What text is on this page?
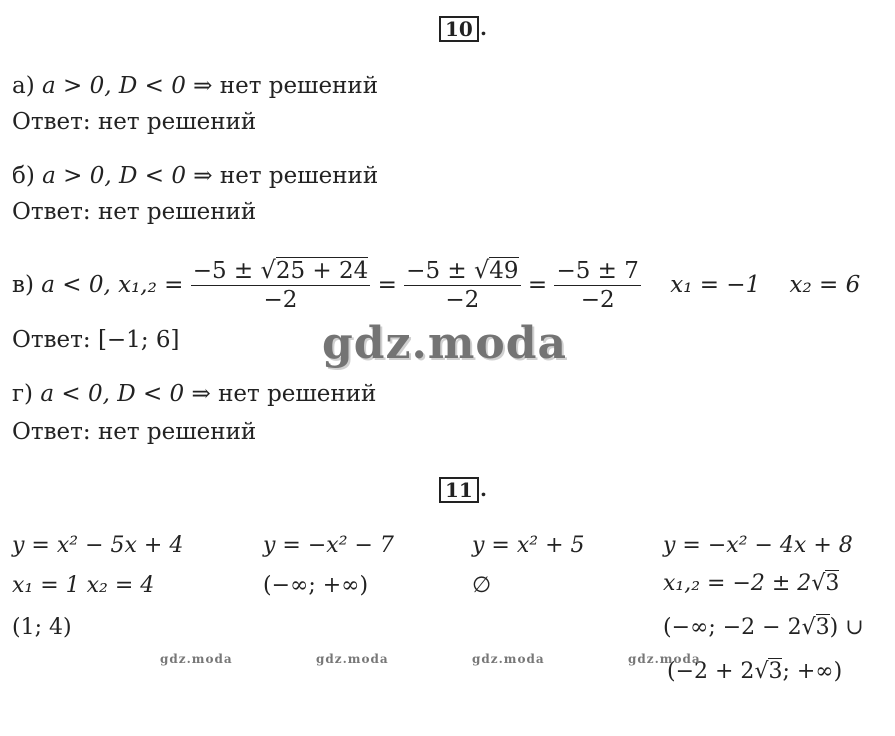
10 .
а) a > 0, D < 0 ⇒ нет решений
Ответ: нет решений
б) a > 0, D < 0 ⇒ нет решений
Ответ: нет решений
в) a < 0, $x_1,_2 = \frac{-5 \pm √25 + 24}{-2} = \frac{-5 \pm √49}{-2} = \frac{-5 \pm 7}{-2} x_1 = -1$ x₂ = 6
Ответ: [−1; 6]	gdz.moda
г) a < 0, D < 0 ⇒ нет решений
Ответ: нет решений
11 .
y = x² − 5x + 4
x₁ = 1 x₂ = 4
(1; 4)
y = −x² − 7
(−∞; +∞)
y = x² + 5
∅
y = −x² − 4x + 8
x₁,₂ = −2 ± 2√3
(−∞; −2 − 2√3) ∪
(−2 + 2√3; +∞)
gdz.moda	gdz.moda	gdz.moda	gdz.moda
